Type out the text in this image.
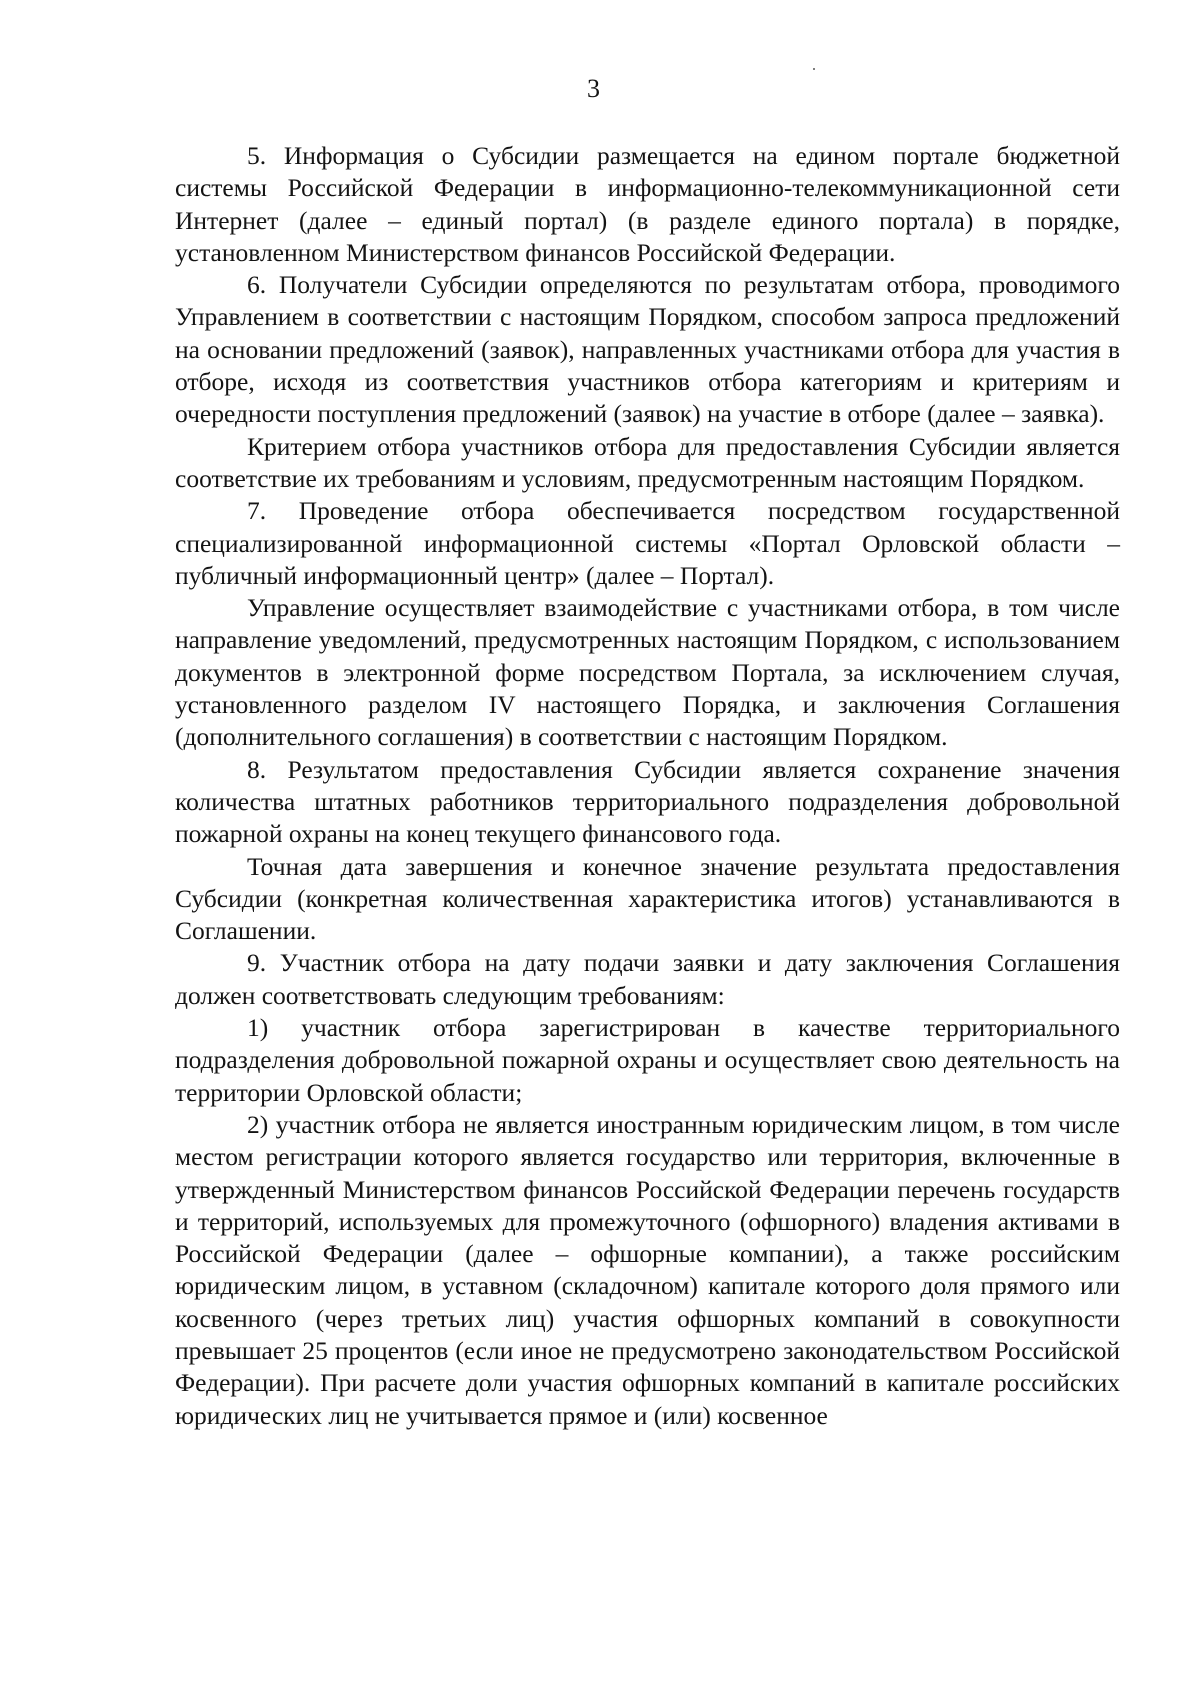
3

5. Информация о Субсидии размещается на едином портале бюджетной системы Российской Федерации в информационно-телекоммуникационной сети Интернет (далее – единый портал) (в разделе единого портала) в порядке, установленном Министерством финансов Российской Федерации.

6. Получатели Субсидии определяются по результатам отбора, проводимого Управлением в соответствии с настоящим Порядком, способом запроса предложений на основании предложений (заявок), направленных участниками отбора для участия в отборе, исходя из соответствия участников отбора категориям и критериям и очередности поступления предложений (заявок) на участие в отборе (далее – заявка).

Критерием отбора участников отбора для предоставления Субсидии является соответствие их требованиям и условиям, предусмотренным настоящим Порядком.

7. Проведение отбора обеспечивается посредством государственной специализированной информационной системы «Портал Орловской области – публичный информационный центр» (далее – Портал).

Управление осуществляет взаимодействие с участниками отбора, в том числе направление уведомлений, предусмотренных настоящим Порядком, с использованием документов в электронной форме посредством Портала, за исключением случая, установленного разделом IV настоящего Порядка, и заключения Соглашения (дополнительного соглашения) в соответствии с настоящим Порядком.

8. Результатом предоставления Субсидии является сохранение значения количества штатных работников территориального подразделения добровольной пожарной охраны на конец текущего финансового года.

Точная дата завершения и конечное значение результата предоставления Субсидии (конкретная количественная характеристика итогов) устанавливаются в Соглашении.

9. Участник отбора на дату подачи заявки и дату заключения Соглашения должен соответствовать следующим требованиям:

1) участник отбора зарегистрирован в качестве территориального подразделения добровольной пожарной охраны и осуществляет свою деятельность на территории Орловской области;

2) участник отбора не является иностранным юридическим лицом, в том числе местом регистрации которого является государство или территория, включенные в утвержденный Министерством финансов Российской Федерации перечень государств и территорий, используемых для промежуточного (офшорного) владения активами в Российской Федерации (далее – офшорные компании), а также российским юридическим лицом, в уставном (складочном) капитале которого доля прямого или косвенного (через третьих лиц) участия офшорных компаний в совокупности превышает 25 процентов (если иное не предусмотрено законодательством Российской Федерации). При расчете доли участия офшорных компаний в капитале российских юридических лиц не учитывается прямое и (или) косвенное
